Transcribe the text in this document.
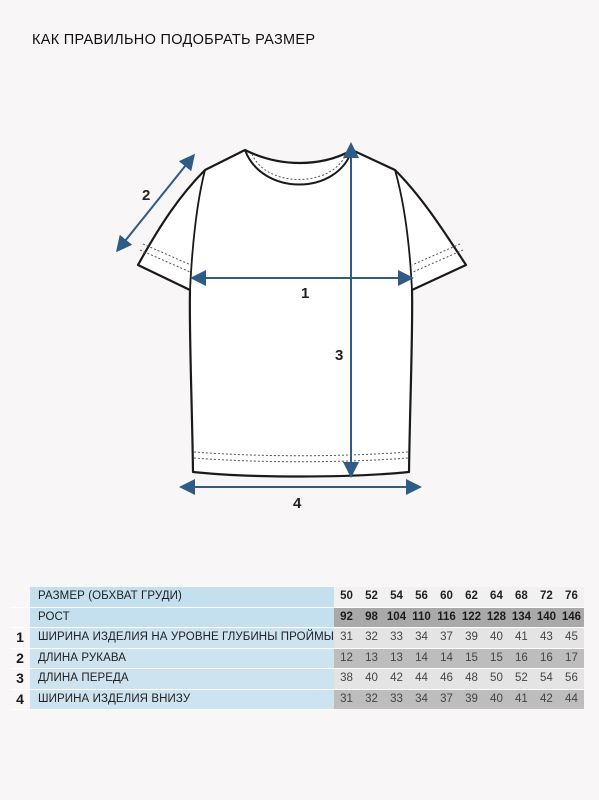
КАК ПРАВИЛЬНО ПОДОБРАТЬ РАЗМЕР
1
2
3
4
	РАЗМЕР (ОБХВАТ ГРУДИ)	50	52	54	56	60	62	64	68	72	76
	РОСТ	92	98	104	110	116	122	128	134	140	146
1	ШИРИНА ИЗДЕЛИЯ НА УРОВНЕ ГЛУБИНЫ ПРОЙМЫ	31	32	33	34	37	39	40	41	43	45
2	ДЛИНА РУКАВА	12	13	13	14	14	15	15	16	16	17
3	ДЛИНА ПЕРЕДА	38	40	42	44	46	48	50	52	54	56
4	ШИРИНА ИЗДЕЛИЯ ВНИЗУ	31	32	33	34	37	39	40	41	42	44
